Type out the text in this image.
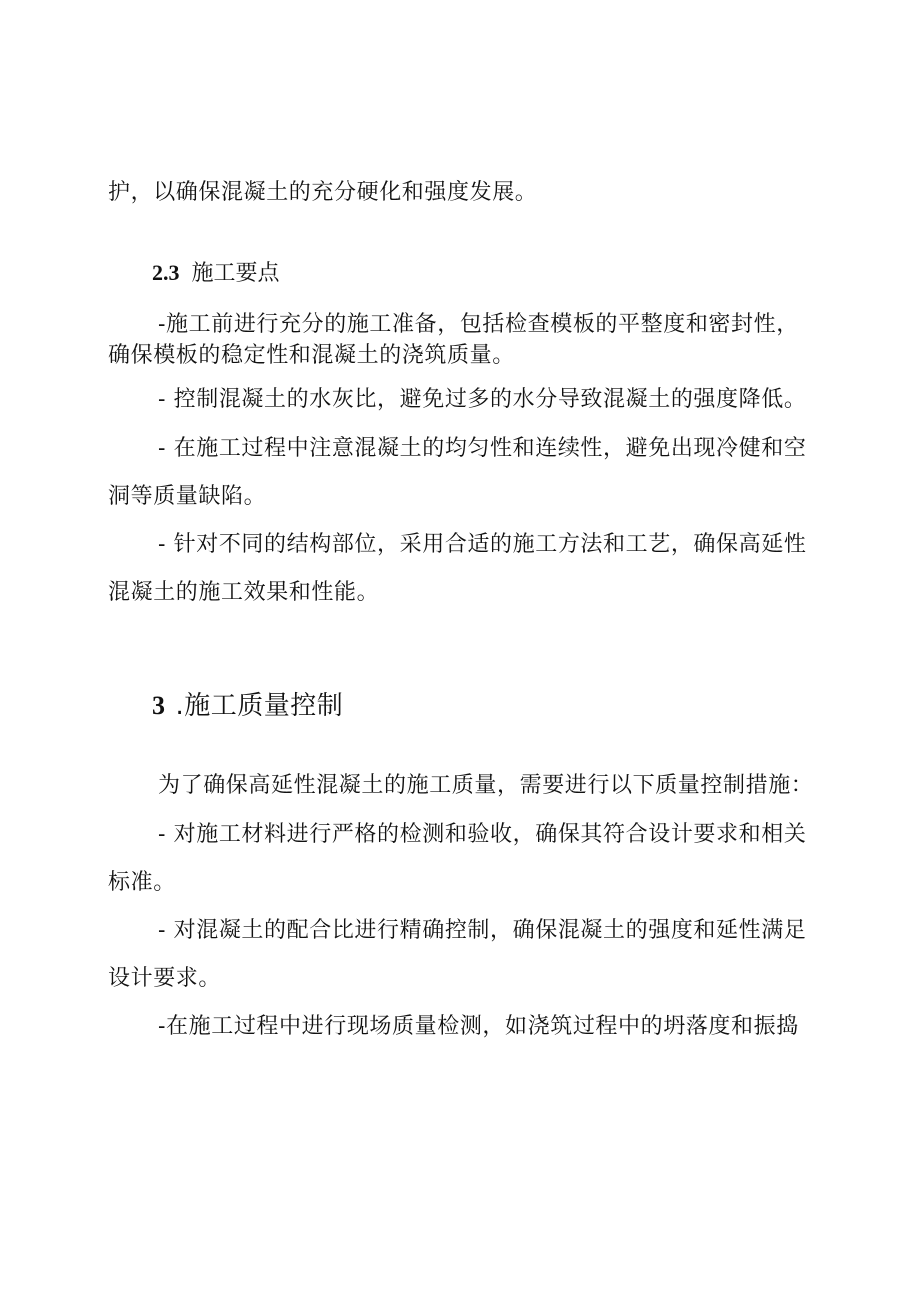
护，以确保混凝土的充分硬化和强度发展。
2.3 施工要点
-施工前进行充分的施工准备，包括检查模板的平整度和密封性，
确保模板的稳定性和混凝土的浇筑质量。
- 控制混凝土的水灰比，避免过多的水分导致混凝土的强度降低。
- 在施工过程中注意混凝土的均匀性和连续性，避免出现冷健和空
洞等质量缺陷。
- 针对不同的结构部位，采用合适的施工方法和工艺，确保高延性
混凝土的施工效果和性能。
3 .施工质量控制
为了确保高延性混凝土的施工质量，需要进行以下质量控制措施：
- 对施工材料进行严格的检测和验收，确保其符合设计要求和相关
标准。
- 对混凝土的配合比进行精确控制，确保混凝土的强度和延性满足
设计要求。
-在施工过程中进行现场质量检测，如浇筑过程中的坍落度和振捣
